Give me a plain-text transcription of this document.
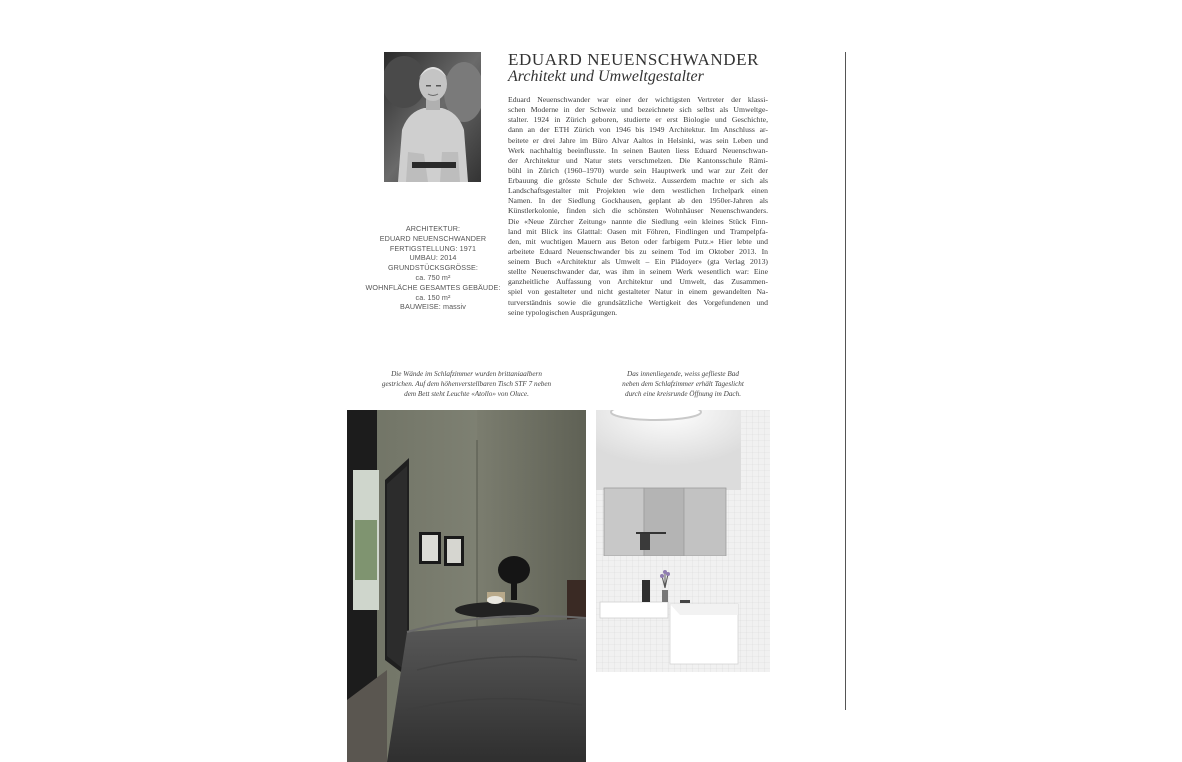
ARCHITEKTUR:
EDUARD NEUENSCHWANDER
FERTIGSTELLUNG: 1971
UMBAU: 2014
GRUNDSTÜCKSGRÖSSE:
ca. 750 m²
WOHNFLÄCHE GESAMTES GEBÄUDE:
ca. 150 m²
BAUWEISE: massiv
EDUARD NEUENSCHWANDER
Architekt und Umweltgestalter
Eduard Neuenschwander war einer der wichtigsten Vertreter der klassi-
schen Moderne in der Schweiz und bezeichnete sich selbst als Umweltge-
stalter. 1924 in Zürich geboren, studierte er erst Biologie und Geschichte,
dann an der ETH Zürich von 1946 bis 1949 Architektur. Im Anschluss ar-
beitete er drei Jahre im Büro Alvar Aaltos in Helsinki, was sein Leben und
Werk nachhaltig beeinflusste. In seinen Bauten liess Eduard Neuenschwan-
der Architektur und Natur stets verschmelzen. Die Kantonsschule Rämi-
bühl in Zürich (1960–1970) wurde sein Hauptwerk und war zur Zeit der
Erbauung die grösste Schule der Schweiz. Ausserdem machte er sich als
Landschaftsgestalter mit Projekten wie dem westlichen Irchelpark einen
Namen. In der Siedlung Gockhausen, geplant ab den 1950er-Jahren als
Künstlerkolonie, finden sich die schönsten Wohnhäuser Neuenschwanders.
Die «Neue Zürcher Zeitung» nannte die Siedlung «ein kleines Stück Finn-
land mit Blick ins Glatttal: Oasen mit Föhren, Findlingen und Trampelpfa-
den, mit wuchtigen Mauern aus Beton oder farbigem Putz.» Hier lebte und
arbeitete Eduard Neuenschwander bis zu seinem Tod im Oktober 2013. In
seinem Buch «Architektur als Umwelt – Ein Plädoyer» (gta Verlag 2013)
stellte Neuenschwander dar, was ihm in seinem Werk wesentlich war: Eine
ganzheitliche Auffassung von Architektur und Umwelt, das Zusammen-
spiel von gestalteter und nicht gestalteter Natur in einem gewandelten Na-
turverständnis sowie die grundsätzliche Wertigkeit des Vorgefundenen und
seine typologischen Ausprägungen.
Die Wände im Schlafzimmer wurden brittaniaalbern
gestrichen. Auf dem höhenverstellbaren Tisch STF 7 neben
dem Bett steht Leuchte «Atollo» von Oluce.
Das innenliegende, weiss geflieste Bad
neben dem Schlafzimmer erhält Tageslicht
durch eine kreisrunde Öffnung im Dach.
